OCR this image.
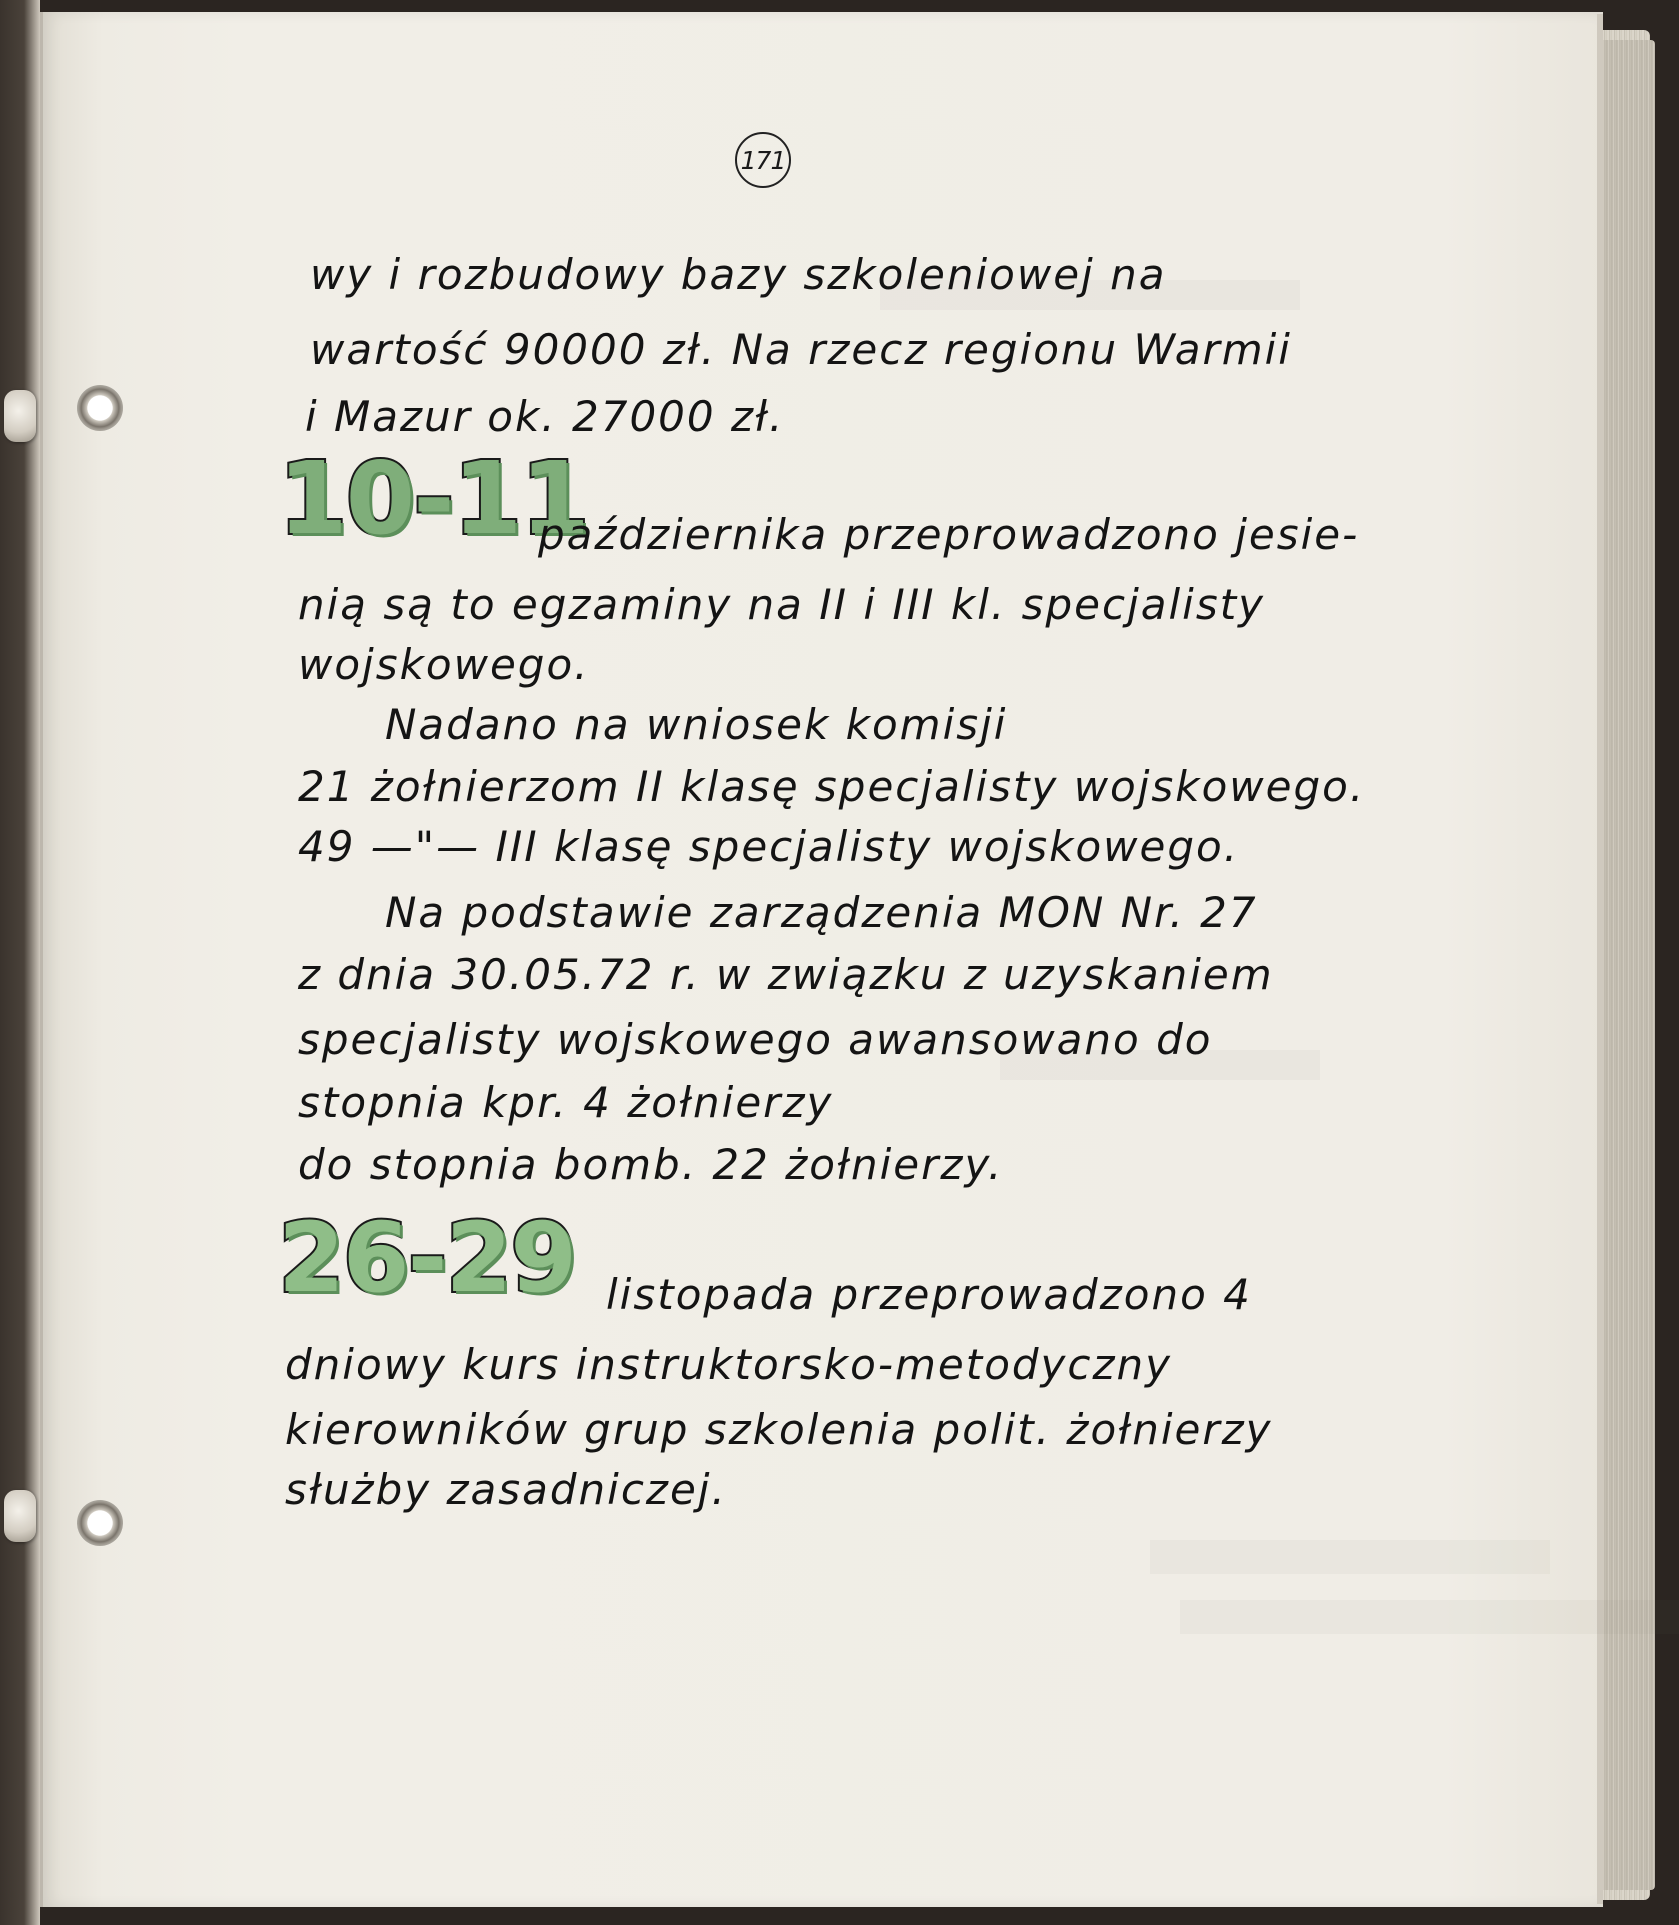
171
wy i rozbudowy bazy szkoleniowej na
wartość 90000 zł. Na rzecz regionu Warmii
i Mazur ok. 27000 zł.
10-11
października przeprowadzono jesie-
nią są to egzaminy na II i III kl. specjalisty
wojskowego.
Nadano na wniosek komisji
21 żołnierzom II klasę specjalisty wojskowego.
49 —"— III klasę specjalisty wojskowego.
Na podstawie zarządzenia MON Nr. 27
z dnia 30.05.72 r. w związku z uzyskaniem
specjalisty wojskowego awansowano do
stopnia kpr. 4 żołnierzy
do stopnia bomb. 22 żołnierzy.
26-29 listopada przeprowadzono 4
dniowy kurs instruktorsko-metodyczny
kierowników grup szkolenia polit. żołnierzy
służby zasadniczej.
